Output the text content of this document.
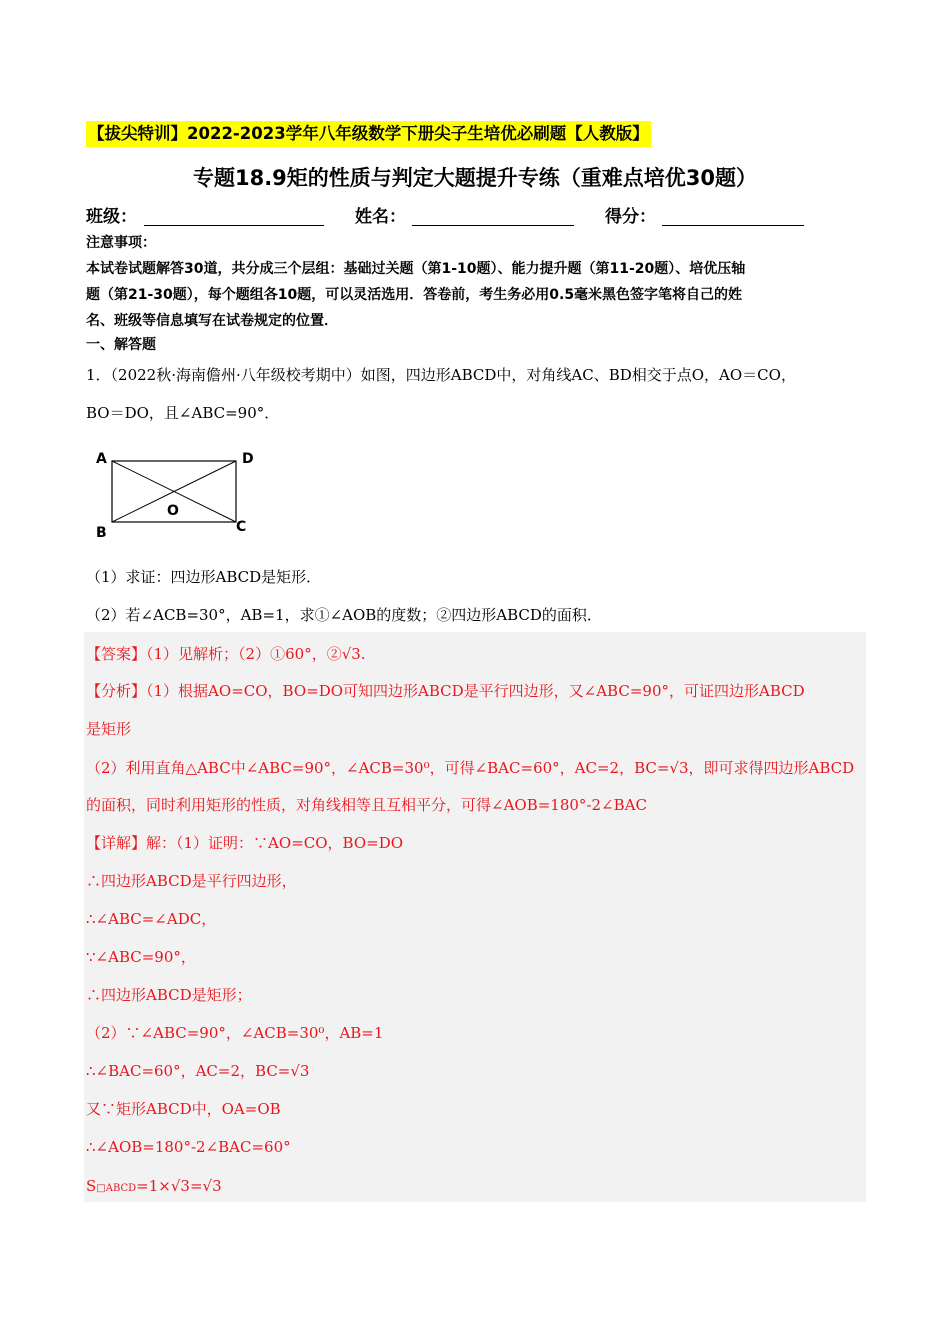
【拔尖特训】2022-2023学年八年级数学下册尖子生培优必刷题【人教版】
专题18.9矩的性质与判定大题提升专练（重难点培优30题）
班级：	姓名：	得分：
注意事项：
本试卷试题解答30道，共分成三个层组：基础过关题（第1-10题）、能力提升题（第11-20题）、培优压轴
题（第21-30题），每个题组各10题，可以灵活选用．答卷前，考生务必用0.5毫米黑色签字笔将自己的姓
名、班级等信息填写在试卷规定的位置．
一、解答题
1．（2022秋·海南儋州·八年级校考期中）如图，四边形ABCD中，对角线AC、BD相交于点O，AO＝CO，
BO＝DO，且∠ABC=90°．
A	D
B	C
O
（1）求证：四边形ABCD是矩形．
（2）若∠ACB=30°，AB=1，求①∠AOB的度数；②四边形ABCD的面积．
【答案】（1）见解析；（2）①60°，②√3.
【分析】（1）根据AO=CO，BO=DO可知四边形ABCD是平行四边形，又∠ABC=90°，可证四边形ABCD
是矩形
（2）利用直角△ABC中∠ABC=90°，∠ACB=30⁰，可得∠BAC=60°，AC=2，BC=√3，即可求得四边形ABCD
的面积，同时利用矩形的性质，对角线相等且互相平分，可得∠AOB=180°-2∠BAC
【详解】解：（1）证明：∵AO=CO，BO=DO
∴四边形ABCD是平行四边形，
∴∠ABC=∠ADC，
∵∠ABC=90°，
∴四边形ABCD是矩形；
（2）∵∠ABC=90°，∠ACB=30⁰，AB=1
∴∠BAC=60°，AC=2，BC=√3
又∵矩形ABCD中，OA=OB
∴∠AOB=180°-2∠BAC=60°
S□ABCD=1×√3=√3
